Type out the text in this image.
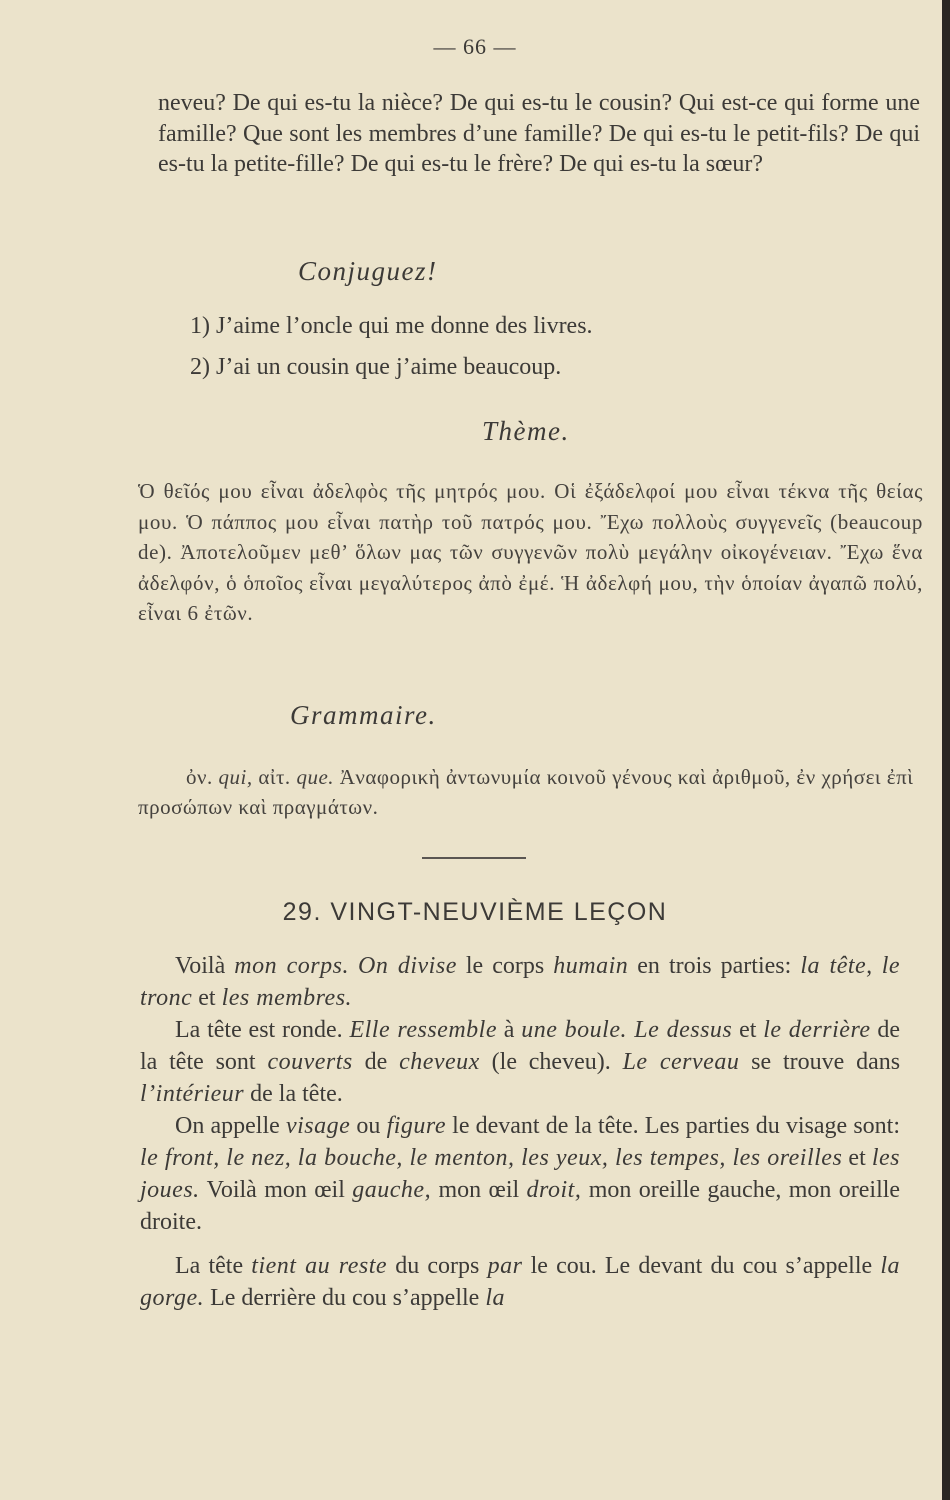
— 66 —
neveu? De qui es-tu la nièce? De qui es-tu le cousin? Qui est-ce qui forme une famille? Que sont les membres d’une famille? De qui es-tu le petit-fils? De qui es-tu la petite-fille? De qui es-tu le frère? De qui es-tu la sœur?
Conjuguez!
1) J’aime l’oncle qui me donne des livres.
2) J’ai un cousin que j’aime beaucoup.
Thème.
Ὁ θεῖός μου εἶναι ἀδελφὸς τῆς μητρός μου. Οἱ ἐξάδελφοί μου εἶναι τέκνα τῆς θείας μου. Ὁ πάππος μου εἶναι πατὴρ τοῦ πατρός μου. Ἔχω πολλοὺς συγγενεῖς (beaucoup de). Ἀποτελοῦμεν μεθ’ ὅλων μας τῶν συγγενῶν πολὺ μεγάλην οἰκογένειαν. Ἔχω ἕνα ἀδελφόν, ὁ ὁποῖος εἶναι μεγαλύτερος ἀπὸ ἐμέ. Ἡ ἀδελφή μου, τὴν ὁποίαν ἀγαπῶ πολύ, εἶναι 6 ἐτῶν.
Grammaire.
ὀν. qui, αἰτ. que. Ἀναφορικὴ ἀντωνυμία κοινοῦ γένους καὶ ἀριθμοῦ, ἐν χρήσει ἐπὶ προσώπων καὶ πραγμάτων.
29. VINGT-NEUVIÈME LEÇON

Voilà mon corps. On divise le corps humain en trois parties: la tête, le tronc et les membres.

La tête est ronde. Elle ressemble à une boule. Le dessus et le derrière de la tête sont couverts de cheveux (le cheveu). Le cerveau se trouve dans l’intérieur de la tête.

On appelle visage ou figure le devant de la tête. Les parties du visage sont: le front, le nez, la bouche, le menton, les yeux, les tempes, les oreilles et les joues. Voilà mon œil gauche, mon œil droit, mon oreille gauche, mon oreille droite.

La tête tient au reste du corps par le cou. Le devant du cou s’appelle la gorge. Le derrière du cou s’appelle la
